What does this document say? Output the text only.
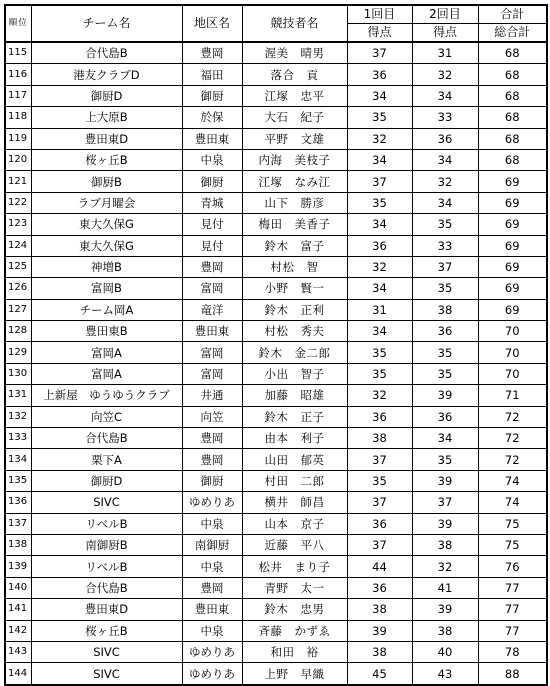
順位	チーム名	地区名	競技者名	1回目	2回目	合計
				得点	得点	総合計
115	合代島B	豊岡	渥美　晴男	37	31	68
116	港友クラブD	福田	落合　貢	36	32	68
117	御厨D	御厨	江塚　忠平	34	34	68
118	上大原B	於保	大石　紀子	35	33	68
119	豊田東D	豊田東	平野　文雄	32	36	68
120	桜ヶ丘B	中泉	内海　美枝子	34	34	68
121	御厨B	御厨	江塚　なみ江	37	32	69
122	ラブ月曜会	青城	山下　勝彦	35	34	69
123	東大久保G	見付	梅田　美香子	34	35	69
124	東大久保G	見付	鈴木　富子	36	33	69
125	神増B	豊岡	村松　智	32	37	69
126	富岡B	富岡	小野　賢一	34	35	69
127	チーム岡A	竜洋	鈴木　正利	31	38	69
128	豊田東B	豊田東	村松　秀夫	34	36	70
129	富岡A	富岡	鈴木　金二郎	35	35	70
130	富岡A	富岡	小出　智子	35	35	70
131	上新屋　ゆうゆうクラブ	井通	加藤　昭雄	32	39	71
132	向笠C	向笠	鈴木　正子	36	36	72
133	合代島B	豊岡	由本　利子	38	34	72
134	栗下A	豊岡	山田　郁英	37	35	72
135	御厨D	御厨	村田　二郎	35	39	74
136	SIVC	ゆめりあ	横井　師昌	37	37	74
137	リベルB	中泉	山本　京子	36	39	75
138	南御厨B	南御厨	近藤　平八	37	38	75
139	リベルB	中泉	松井　まり子	44	32	76
140	合代島B	豊岡	青野　太一	36	41	77
141	豊田東D	豊田東	鈴木　忠男	38	39	77
142	桜ヶ丘B	中泉	斉藤　かずゑ	39	38	77
143	SIVC	ゆめりあ	和田　裕	38	40	78
144	SIVC	ゆめりあ	上野　早織	45	43	88
